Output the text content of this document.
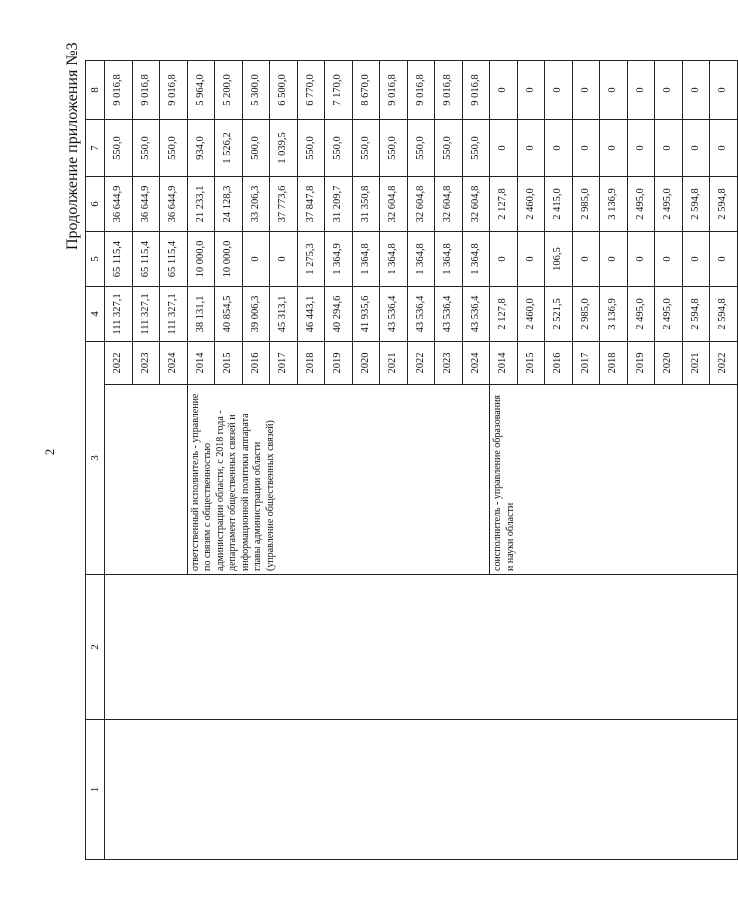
2
Продолжение приложения №3
1	2	3		4	5	6	7	8
			2022	111 327,1	65 115,4	36 644,9	550,0	9 016,8
			2023	111 327,1	65 115,4	36 644,9	550,0	9 016,8
			2024	111 327,1	65 115,4	36 644,9	550,0	9 016,8
		ответственный исполнитель - управление по связям с общественностью администрации области, с 2018 года - департамент общественных связей и информационной политики аппарата главы администрации области (управление общественных связей)	2014	38 131,1	10 000,0	21 233,1	934,0	5 964,0
			2015	40 854,5	10 000,0	24 128,3	1 526,2	5 200,0
			2016	39 006,3	0	33 206,3	500,0	5 300,0
			2017	45 313,1	0	37 773,6	1 039,5	6 500,0
			2018	46 443,1	1 275,3	37 847,8	550,0	6 770,0
			2019	40 294,6	1 364,9	31 209,7	550,0	7 170,0
			2020	41 935,6	1 364,8	31 350,8	550,0	8 670,0
			2021	43 536,4	1 364,8	32 604,8	550,0	9 016,8
			2022	43 536,4	1 364,8	32 604,8	550,0	9 016,8
			2023	43 536,4	1 364,8	32 604,8	550,0	9 016,8
			2024	43 536,4	1 364,8	32 604,8	550,0	9 016,8
		соисполнитель - управление образования и науки области	2014	2 127,8	0	2 127,8	0	0
			2015	2 460,0	0	2 460,0	0	0
			2016	2 521,5	106,5	2 415,0	0	0
			2017	2 985,0	0	2 985,0	0	0
			2018	3 136,9	0	3 136,9	0	0
			2019	2 495,0	0	2 495,0	0	0
			2020	2 495,0	0	2 495,0	0	0
			2021	2 594,8	0	2 594,8	0	0
			2022	2 594,8	0	2 594,8	0	0
